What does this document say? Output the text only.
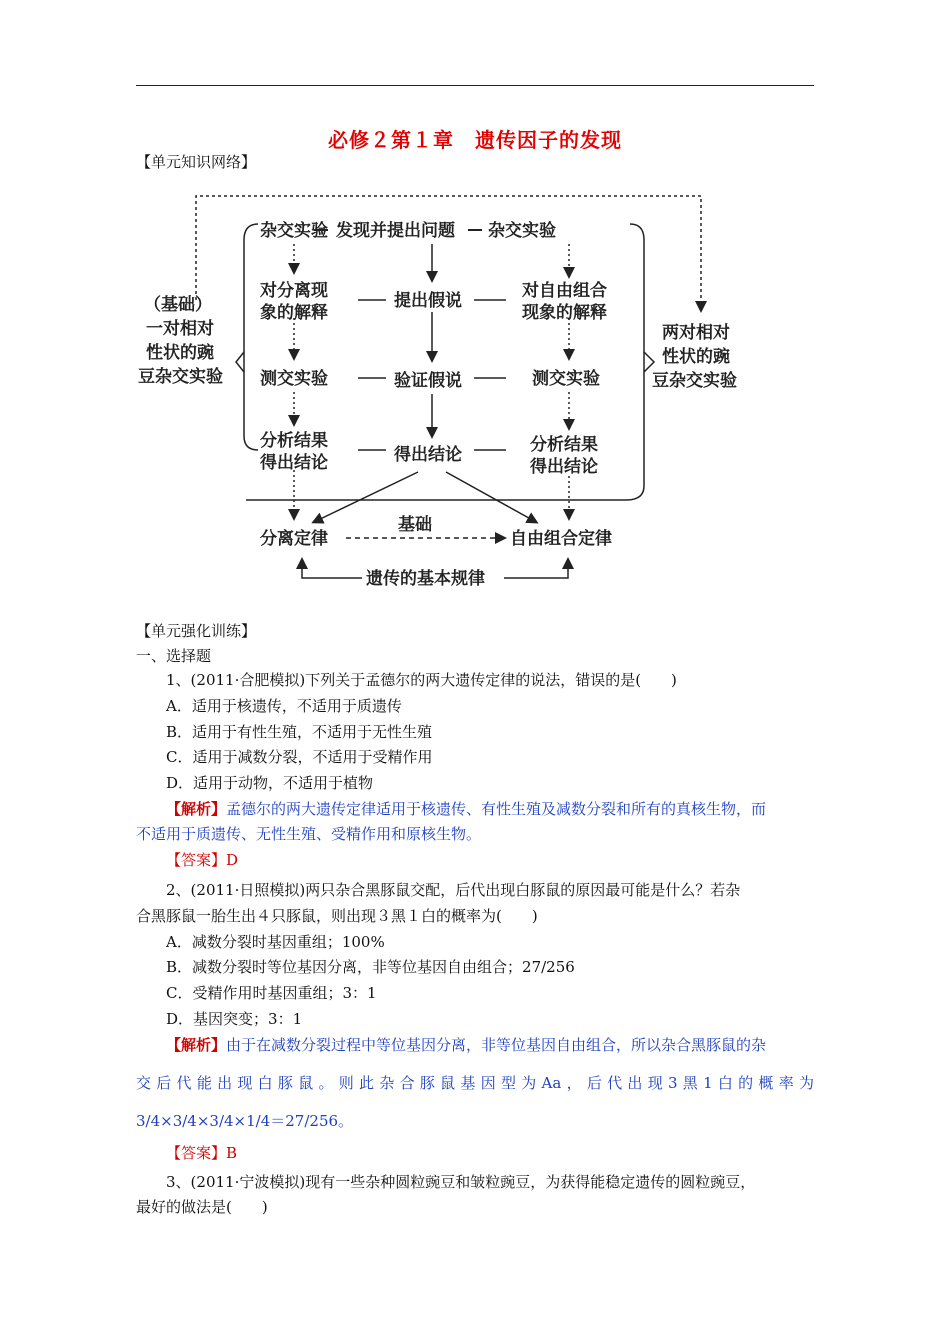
必修２第１章　遗传因子的发现
【单元知识网络】
杂交实验 发现并提出问题 杂交实验
（基础）
一对相对
性状的豌
豆杂交实验
两对相对
性状的豌
豆杂交实验
对分离现
象的解释
提出假说	对自由组合
现象的解释
测交实验	验证假说	测交实验
分析结果
得出结论	得出结论	分析结果
得出结论
分离定律
基础
自由组合定律
遗传的基本规律
【单元强化训练】
一、选择题
1、(2011·合肥模拟)下列关于孟德尔的两大遗传定律的说法，错误的是(　　)
A．适用于核遗传，不适用于质遗传
B．适用于有性生殖，不适用于无性生殖
C．适用于减数分裂，不适用于受精作用
D．适用于动物，不适用于植物
【解析】孟德尔的两大遗传定律适用于核遗传、有性生殖及减数分裂和所有的真核生物，而
不适用于质遗传、无性生殖、受精作用和原核生物。
【答案】D
2、(2011·日照模拟)两只杂合黑豚鼠交配，后代出现白豚鼠的原因最可能是什么？若杂
合黑豚鼠一胎生出４只豚鼠，则出现３黑１白的概率为(　　)
A．减数分裂时基因重组；100%
B．减数分裂时等位基因分离，非等位基因自由组合；27/256
C．受精作用时基因重组；3：1
D．基因突变；3：1
【解析】由于在减数分裂过程中等位基因分离，非等位基因自由组合，所以杂合黑豚鼠的杂
交后代能出现白豚鼠。则此杂合豚鼠基因型为Aa，后代出现3黑1白的概率为
3/4×3/4×3/4×1/4＝27/256。
【答案】B
3、(2011·宁波模拟)现有一些杂种圆粒豌豆和皱粒豌豆，为获得能稳定遗传的圆粒豌豆，
最好的做法是(　　)
